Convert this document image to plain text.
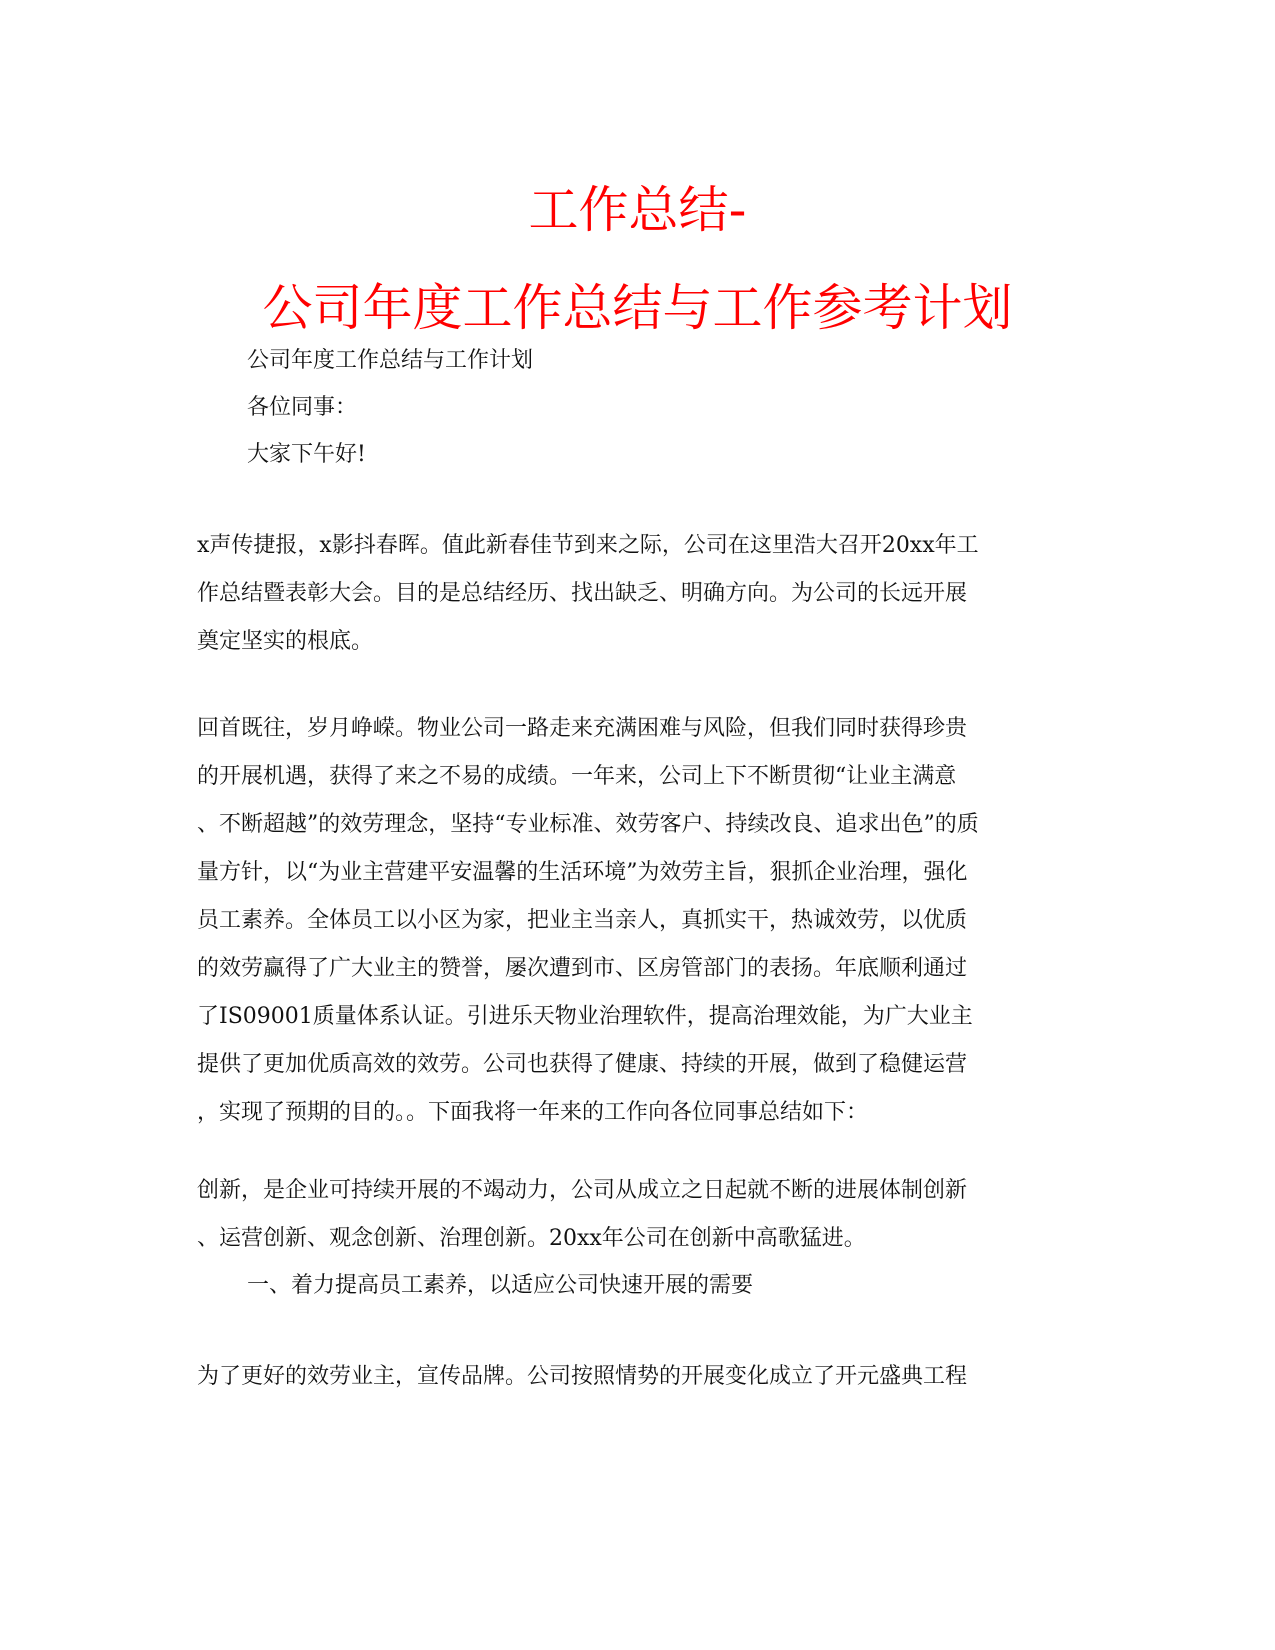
工作总结-
公司年度工作总结与工作参考计划
公司年度工作总结与工作计划
各位同事：
大家下午好!
x声传捷报，x影抖春晖。值此新春佳节到来之际，公司在这里浩大召开20xx年工
作总结暨表彰大会。目的是总结经历、找出缺乏、明确方向。为公司的长远开展
奠定坚实的根底。
回首既往，岁月峥嵘。物业公司一路走来充满困难与风险，但我们同时获得珍贵
的开展机遇，获得了来之不易的成绩。一年来，公司上下不断贯彻“让业主满意
、不断超越”的效劳理念，坚持“专业标准、效劳客户、持续改良、追求出色”的质
量方针，以“为业主营建平安温馨的生活环境”为效劳主旨，狠抓企业治理，强化
员工素养。全体员工以小区为家，把业主当亲人，真抓实干，热诚效劳，以优质
的效劳赢得了广大业主的赞誉，屡次遭到市、区房管部门的表扬。年底顺利通过
了IS09001质量体系认证。引进乐天物业治理软件，提高治理效能，为广大业主
提供了更加优质高效的效劳。公司也获得了健康、持续的开展，做到了稳健运营
，实现了预期的目的。。下面我将一年来的工作向各位同事总结如下：
创新，是企业可持续开展的不竭动力，公司从成立之日起就不断的进展体制创新
、运营创新、观念创新、治理创新。20xx年公司在创新中高歌猛进。
一、着力提高员工素养，以适应公司快速开展的需要
为了更好的效劳业主，宣传品牌。公司按照情势的开展变化成立了开元盛典工程
